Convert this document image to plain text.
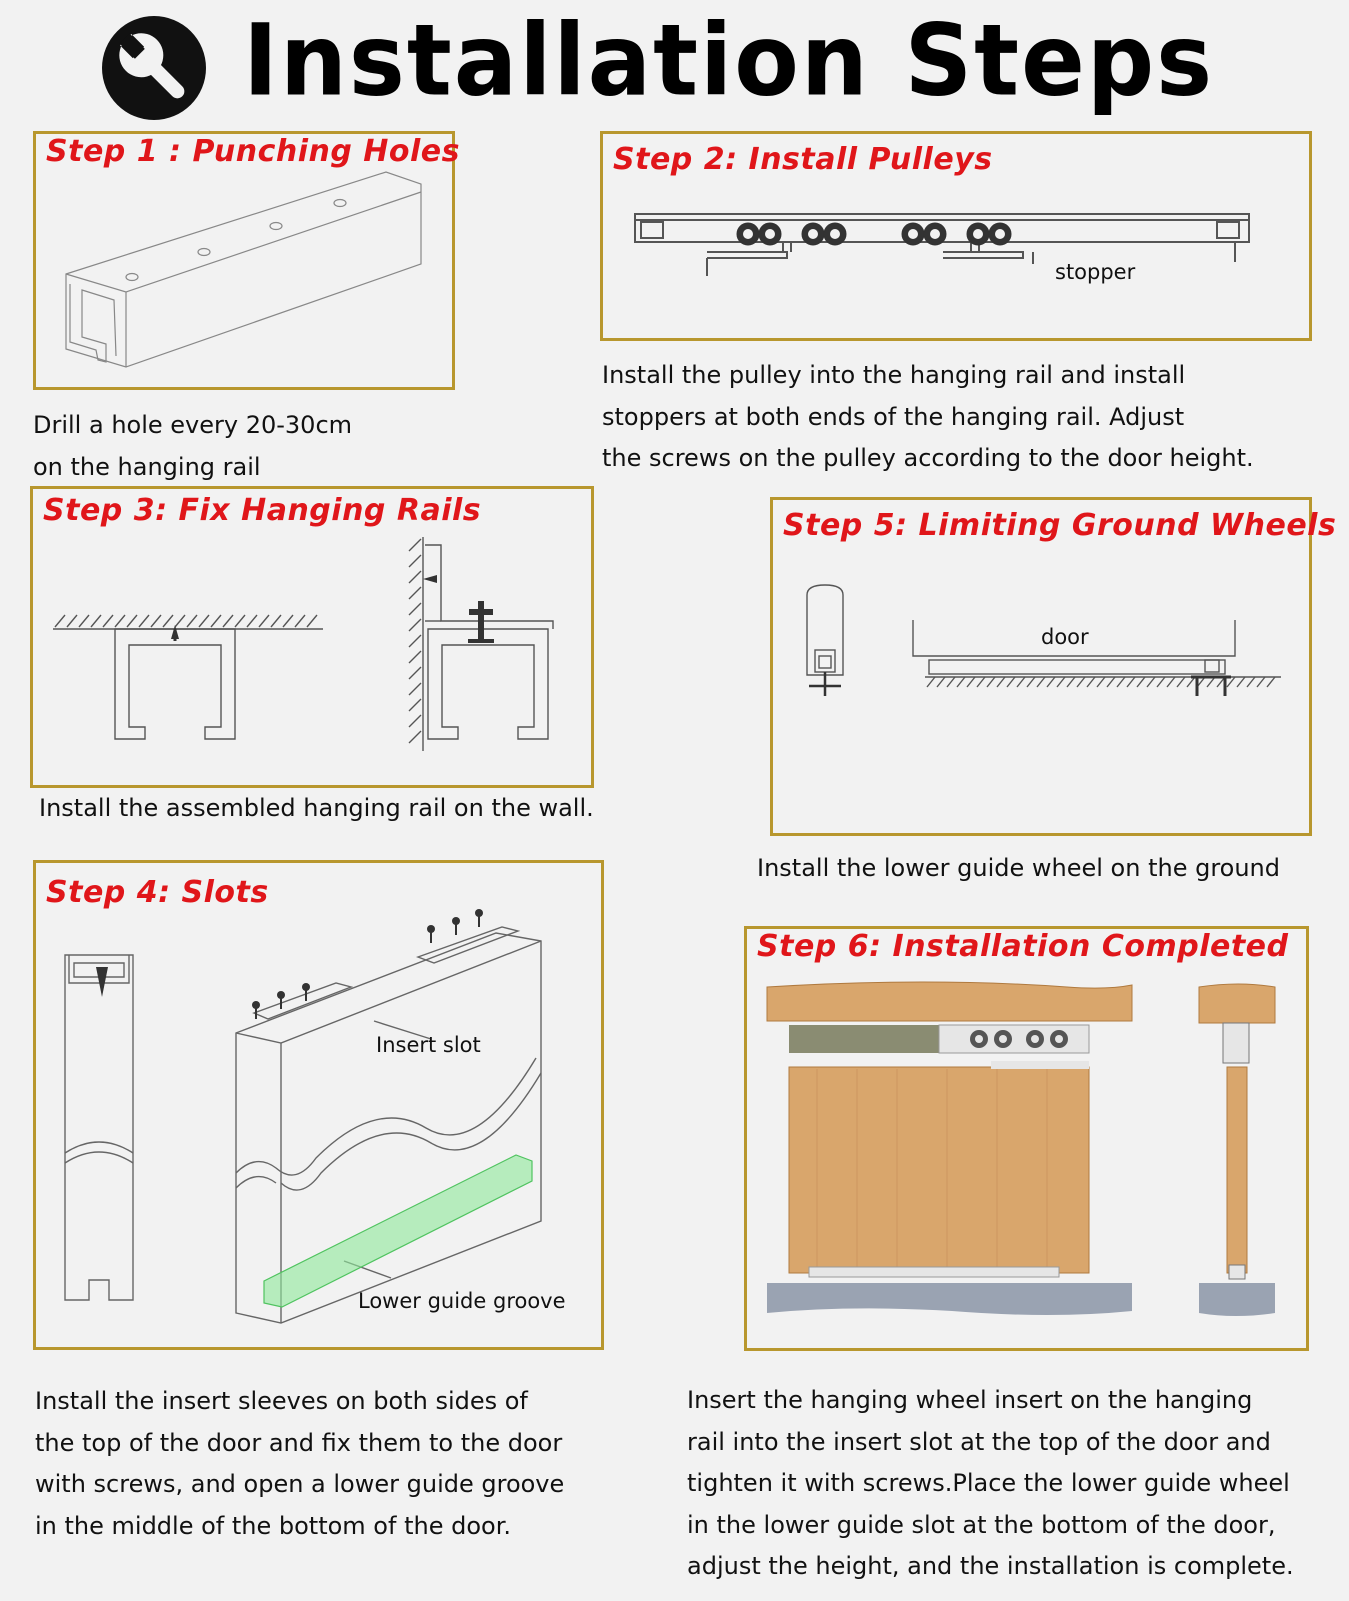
Installation Steps
Step 1 : Punching Holes
Drill a hole every 20-30cm
on the hanging rail
Step 2: Install Pulleys
stopper
Install the pulley into the hanging rail and install
stoppers at both ends of the hanging rail. Adjust
the screws on the pulley according to the door height.
Step 3: Fix Hanging Rails
Install the assembled hanging rail on the wall.
Step 5: Limiting Ground Wheels
door
Install the lower guide wheel on the ground
Step 4: Slots
Insert slot
Lower guide groove
Install the insert sleeves on both sides of
the top of the door and fix them to the door
with screws, and open a lower guide groove
in the middle of the bottom of the door.
Step 6: Installation Completed
Insert the hanging wheel insert on the hanging
rail into the insert slot at the top of the door and
tighten it with screws.Place the lower guide wheel
in the lower guide slot at the bottom of the door,
adjust the height, and the installation is complete.
